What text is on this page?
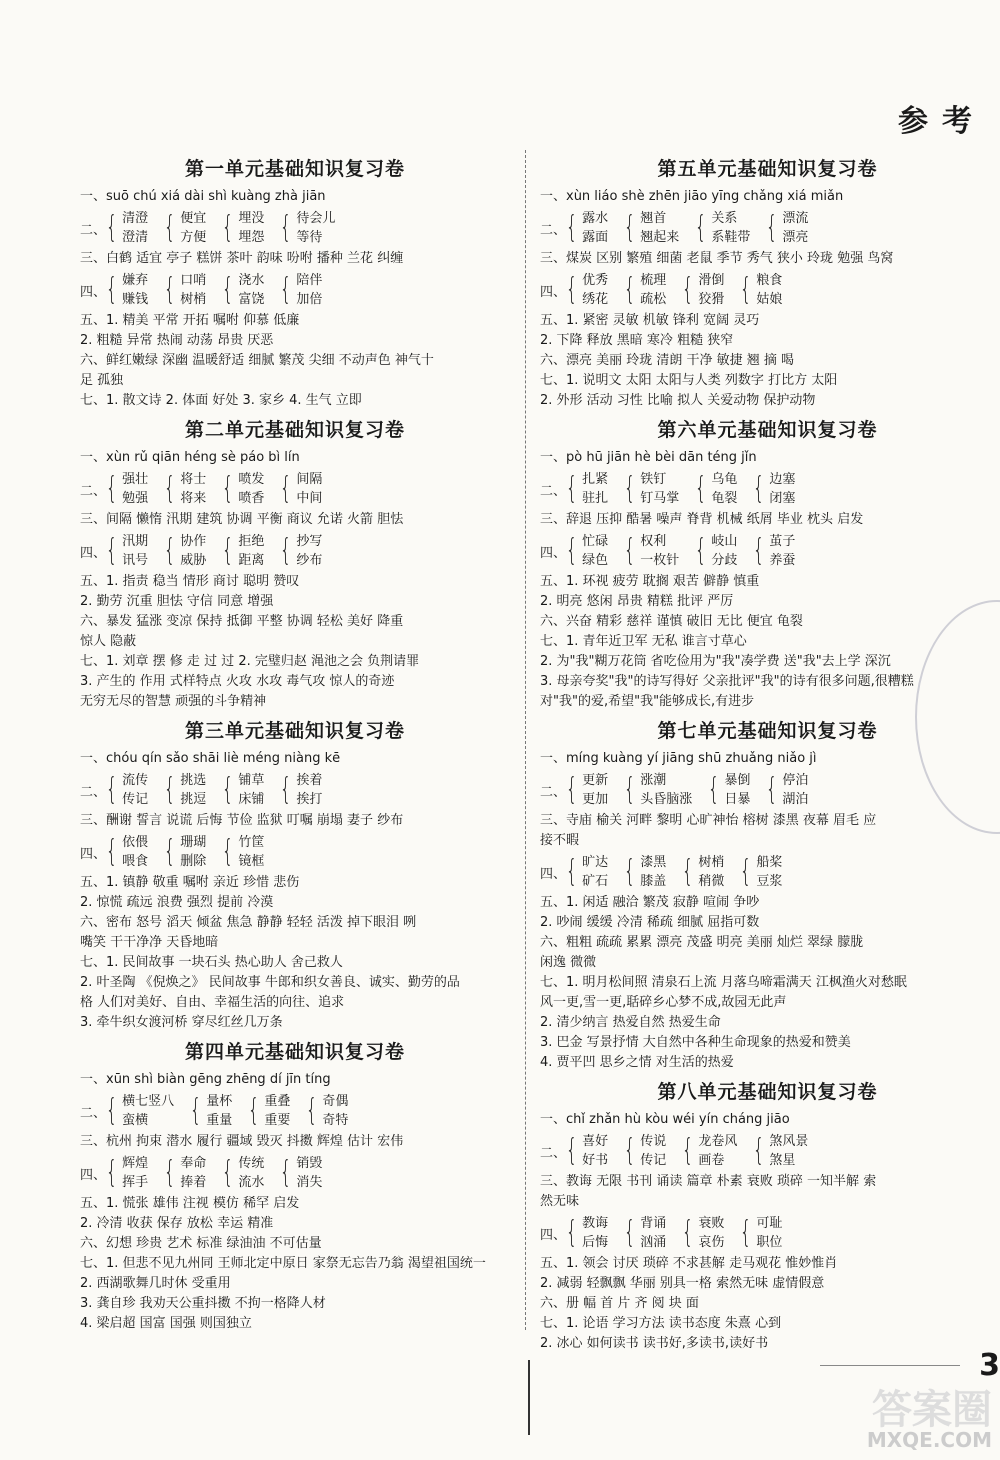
参考
第一单元基础知识复习卷
一、suō chú xiá dài shì kuàng zhà jiān
二、 { 清澄
澄清 { 便宜
方便 { 埋没
埋怨 { 待会儿
等待
三、白鹤 适宜 亭子 糕饼 茶叶 韵味 吩咐 播种 兰花 纠缠
四、 { 嫌弃
赚钱 { 口哨
树梢 { 浇水
富饶 { 陪伴
加倍
五、1. 精美 平常 开拓 嘱咐 仰慕 低廉
2. 粗糙 异常 热闹 动荡 昂贵 厌恶
六、鲜红嫩绿 深幽 温暖舒适 细腻 繁茂 尖细 不动声色 神气十
足 孤独
七、1. 散文诗 2. 体面 好处 3. 家乡 4. 生气 立即
第二单元基础知识复习卷
一、xùn rǔ qiān héng sè páo bì lín
二、 { 强壮
勉强 { 将士
将来 { 喷发
喷香 { 间隔
中间
三、间隔 懒惰 汛期 建筑 协调 平衡 商议 允诺 火箭 胆怯
四、 { 汛期
讯号 { 协作
威胁 { 拒绝
距离 { 抄写
纱布
五、1. 指责 稳当 情形 商讨 聪明 赞叹
2. 勤劳 沉重 胆怯 守信 同意 增强
六、暴发 猛涨 变凉 保持 抵御 平整 协调 轻松 美好 降重
惊人 隐蔽
七、1. 刘章 摆 修 走 过 过 2. 完璧归赵 渑池之会 负荆请罪
3. 产生的 作用 式样特点 火攻 水攻 毒气攻 惊人的奇迹
无穷无尽的智慧 顽强的斗争精神
第三单元基础知识复习卷
一、chóu qín sǎo shāi liè méng niàng kē
二、 { 流传
传记 { 挑选
挑逗 { 铺草
床铺 { 挨着
挨打
三、酬谢 誓言 说谎 后悔 节俭 监狱 叮嘱 崩塌 妻子 纱布
四、 { 依偎
喂食 { 珊瑚
删除 { 竹筐
镜框
五、1. 镇静 敬重 嘱咐 亲近 珍惜 悲伤
2. 惊慌 疏远 浪费 强烈 提前 冷漠
六、密布 怒号 滔天 倾盆 焦急 静静 轻轻 活泼 掉下眼泪 咧
嘴笑 干干净净 天昏地暗
七、1. 民间故事 一块石头 热心助人 舍己救人
2. 叶圣陶 《倪焕之》 民间故事 牛郎和织女善良、诚实、勤劳的品
格 人们对美好、自由、幸福生活的向往、追求
3. 牵牛织女渡河桥 穿尽红丝几万条
第四单元基础知识复习卷
一、xūn shì biàn gēng zhēng dí jīn tíng
二、 { 横七竖八
蛮横	{ 量杯
重量 { 重叠
重要 { 奇偶
奇特
三、杭州 拘束 潜水 履行 疆域 毁灭 抖擞 辉煌 估计 宏伟
四、 { 辉煌
挥手 { 奉命
捧着 { 传统
流水 { 销毁
消失
五、1. 慌张 雄伟 注视 模仿 稀罕 启发
2. 冷清 收获 保存 放松 幸运 精准
六、幻想 珍贵 艺术 标准 绿油油 不可估量
七、1. 但悲不见九州同 王师北定中原日 家祭无忘告乃翁 渴望祖国统一
2. 西湖歌舞几时休 受重用
3. 龚自珍 我劝天公重抖擞 不拘一格降人材
4. 梁启超 国富 国强 则国独立
第五单元基础知识复习卷
一、xùn liáo shè zhēn jiāo yīng chǎng xiá miǎn
二、 { 露水
露面 { 翘首
翘起来 { 关系
系鞋带 { 漂流
漂亮
三、煤炭 区别 繁殖 细菌 老鼠 季节 秀气 狭小 玲珑 勉强 鸟窝
四、 { 优秀
绣花 { 梳理
疏松 { 滑倒
狡猾 { 粮食
姑娘
五、1. 紧密 灵敏 机敏 锋利 宽阔 灵巧
2. 下降 释放 黑暗 寒冷 粗糙 狭窄
六、漂亮 美丽 玲珑 清朗 干净 敏捷 翘 摘 喝
七、1. 说明文 太阳 太阳与人类 列数字 打比方 太阳
2. 外形 活动 习性 比喻 拟人 关爱动物 保护动物
第六单元基础知识复习卷
一、pò hū jiān hè bèi dān téng jǐn
二、 { 扎紧
驻扎 { 铁钉
钉马掌 { 乌龟
龟裂 { 边塞
闭塞
三、辞退 压抑 酷暑 噪声 脊背 机械 纸屑 毕业 枕头 启发
四、 { 忙碌
绿色 { 权利
一枚针 { 岐山
分歧 { 茧子
养蚕
五、1. 环视 疲劳 耽搁 艰苦 僻静 慎重
2. 明亮 悠闲 昂贵 精糕 批评 严厉
六、兴奋 精彩 慈祥 谨慎 破旧 无比 便宜 龟裂
七、1. 青年近卫军 无私 谁言寸草心
2. 为"我"糊万花筒 省吃俭用为"我"凑学费 送"我"去上学 深沉
3. 母亲夸奖"我"的诗写得好 父亲批评"我"的诗有很多问题,很糟糕
对"我"的爱,希望"我"能够成长,有进步
第七单元基础知识复习卷
一、míng kuàng yí jiāng shū zhuǎng niǎo jì
二、 { 更新
更加 { 涨潮
头昏脑涨 { 暴倒
日暴 { 停泊
湖泊
三、寺庙 榆关 河畔 黎明 心旷神怡 榕树 漆黑 夜幕 眉毛 应
接不暇
四、 { 旷达
矿石 { 漆黑
膝盖 { 树梢
稍微 { 船桨
豆浆
五、1. 闲适 融洽 繁茂 寂静 喧闹 争吵
2. 吵闹 缓缓 冷清 稀疏 细腻 屈指可数
六、粗粗 疏疏 累累 漂亮 茂盛 明亮 美丽 灿烂 翠绿 朦胧
闲逸 微微
七、1. 明月松间照 清泉石上流 月落乌啼霜满天 江枫渔火对愁眠
风一更,雪一更,聒碎乡心梦不成,故园无此声
2. 清少纳言 热爱自然 热爱生命
3. 巴金 写景抒情 大自然中各种生命现象的热爱和赞美
4. 贾平凹 思乡之情 对生活的热爱
第八单元基础知识复习卷
一、chǐ zhǎn hù kòu wéi yín cháng jiāo
二、 { 喜好
好书 { 传说
传记 { 龙卷风
画卷 { 煞风景
煞星
三、教诲 无限 书刊 诵读 篇章 朴素 衰败 琐碎 一知半解 索
然无味
四、 { 教诲
后悔 { 背诵
汹涌 { 衰败
哀伤 { 可耻
职位
五、1. 领会 讨厌 琐碎 不求甚解 走马观花 惟妙惟肖
2. 减弱 轻飘飘 华丽 别具一格 索然无味 虚情假意
六、册 幅 首 片 齐 阅 块 面
七、1. 论语 学习方法 读书态度 朱熹 心到
2. 冰心 如何读书 读书好,多读书,读好书
3
答案圈
MXQE.COM
